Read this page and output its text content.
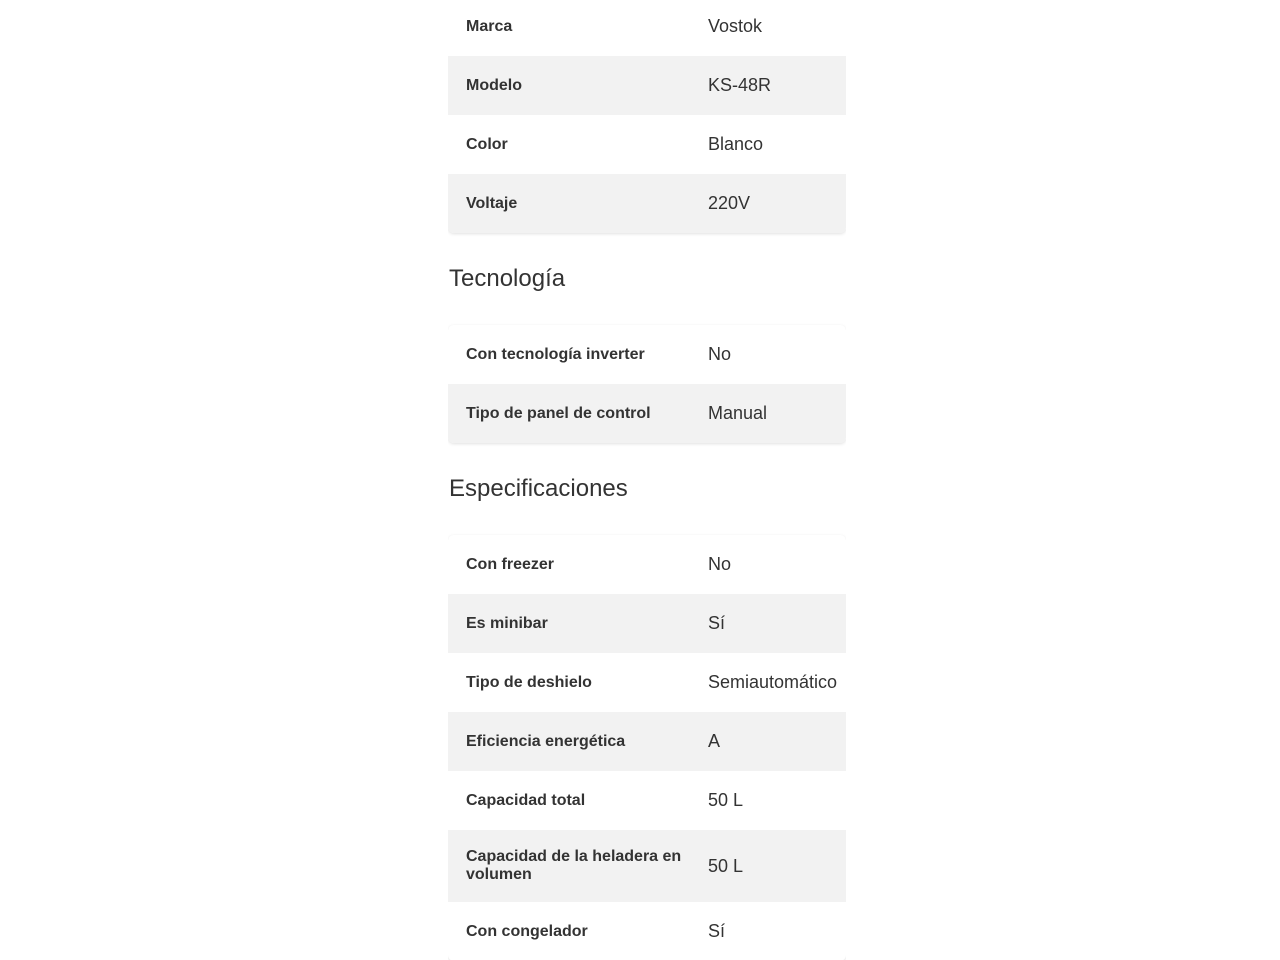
Marca	Vostok
Modelo	KS-48R
Color	Blanco
Voltaje	220V
Tecnología
Con tecnología inverter	No
Tipo de panel de control	Manual
Especificaciones
Con freezer	No
Es minibar	Sí
Tipo de deshielo	Semiautomático
Eficiencia energética	A
Capacidad total	50 L
Capacidad de la heladera en volumen	50 L
Con congelador	Sí
